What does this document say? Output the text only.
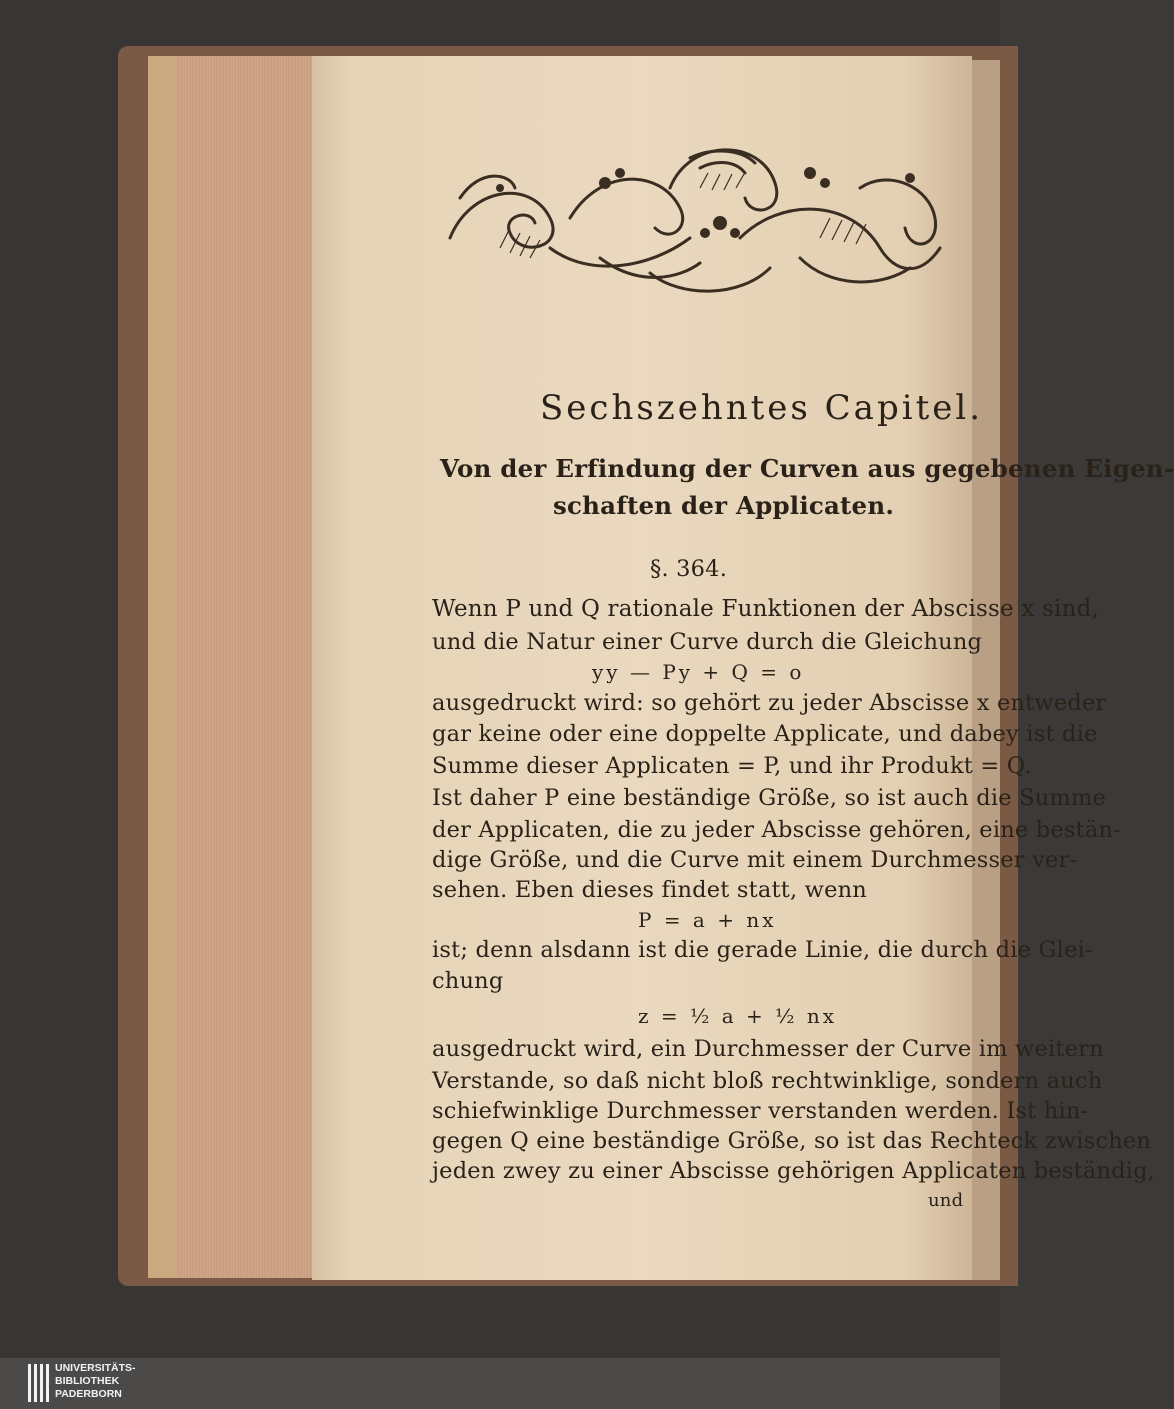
Sechszehntes Capitel.
Von der Erfindung der Curven aus gegebenen Eigen-
schaften der Applicaten.
§. 364.
Wenn P und Q rationale Funktionen der Abscisse x sind,
und die Natur einer Curve durch die Gleichung
yy — Py + Q = o
ausgedruckt wird: so gehört zu jeder Abscisse x entweder
gar keine oder eine doppelte Applicate, und dabey ist die
Summe dieser Applicaten = P, und ihr Produkt = Q.
Ist daher P eine beständige Größe, so ist auch die Summe
der Applicaten, die zu jeder Abscisse gehören, eine bestän-
dige Größe, und die Curve mit einem Durchmesser ver-
sehen. Eben dieses findet statt, wenn
P = a + nx
ist; denn alsdann ist die gerade Linie, die durch die Glei-
chung
z = ½ a + ½ nx
ausgedruckt wird, ein Durchmesser der Curve im weitern
Verstande, so daß nicht bloß rechtwinklige, sondern auch
schiefwinklige Durchmesser verstanden werden. Ist hin-
gegen Q eine beständige Größe, so ist das Rechteck zwischen
jeden zwey zu einer Abscisse gehörigen Applicaten beständig,
und
UNIVERSITÄTS-
BIBLIOTHEK
PADERBORN
